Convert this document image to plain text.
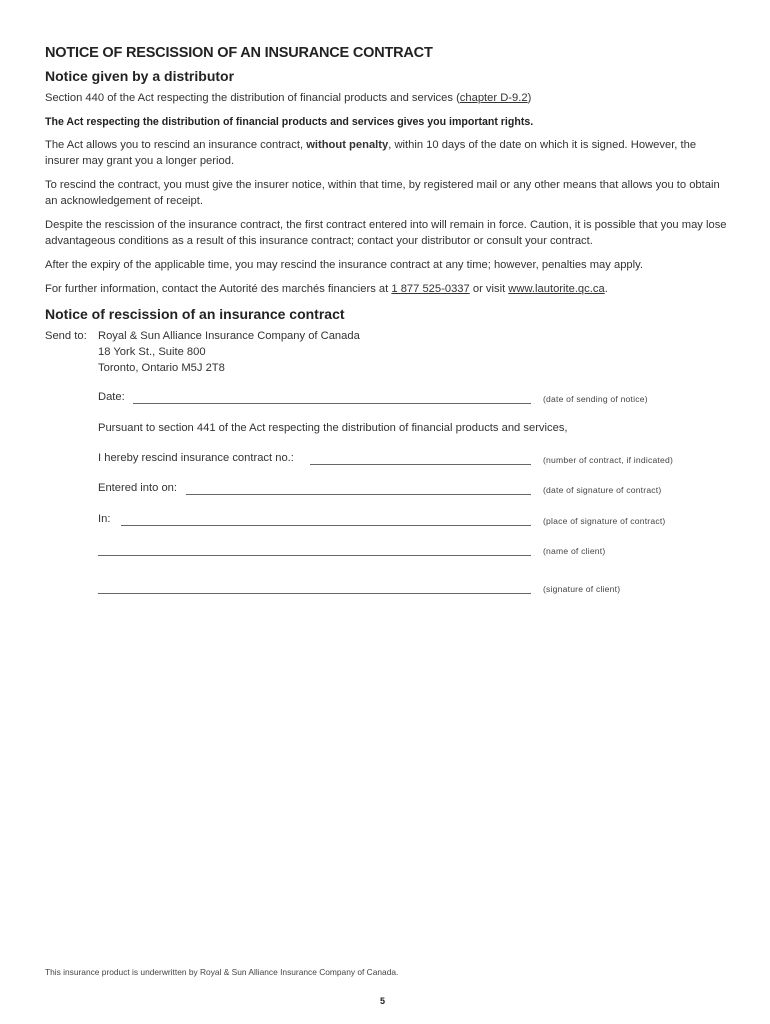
NOTICE OF RESCISSION OF AN INSURANCE CONTRACT
Notice given by a distributor

Section 440 of the Act respecting the distribution of financial products and services (chapter D-9.2)

The Act respecting the distribution of financial products and services gives you important rights.

The Act allows you to rescind an insurance contract, without penalty, within 10 days of the date on which it is signed. However, the insurer may grant you a longer period.

To rescind the contract, you must give the insurer notice, within that time, by registered mail or any other means that allows you to obtain an acknowledgement of receipt.

Despite the rescission of the insurance contract, the first contract entered into will remain in force. Caution, it is possible that you may lose advantageous conditions as a result of this insurance contract; contact your distributor or consult your contract.

After the expiry of the applicable time, you may rescind the insurance contract at any time; however, penalties may apply.

For further information, contact the Autorité des marchés financiers at 1 877 525-0337 or visit www.lautorite.qc.ca.

Notice of rescission of an insurance contract
Send to: Royal & Sun Alliance Insurance Company of Canada
18 York St., Suite 800
Toronto, Ontario M5J 2T8
Date:	(date of sending of notice)
Pursuant to section 441 of the Act respecting the distribution of financial products and services,
I hereby rescind insurance contract no.:	(number of contract, if indicated)
Entered into on:	(date of signature of contract)
In:	(place of signature of contract)
(name of client)
(signature of client)
This insurance product is underwritten by Royal & Sun Alliance Insurance Company of Canada.
5
